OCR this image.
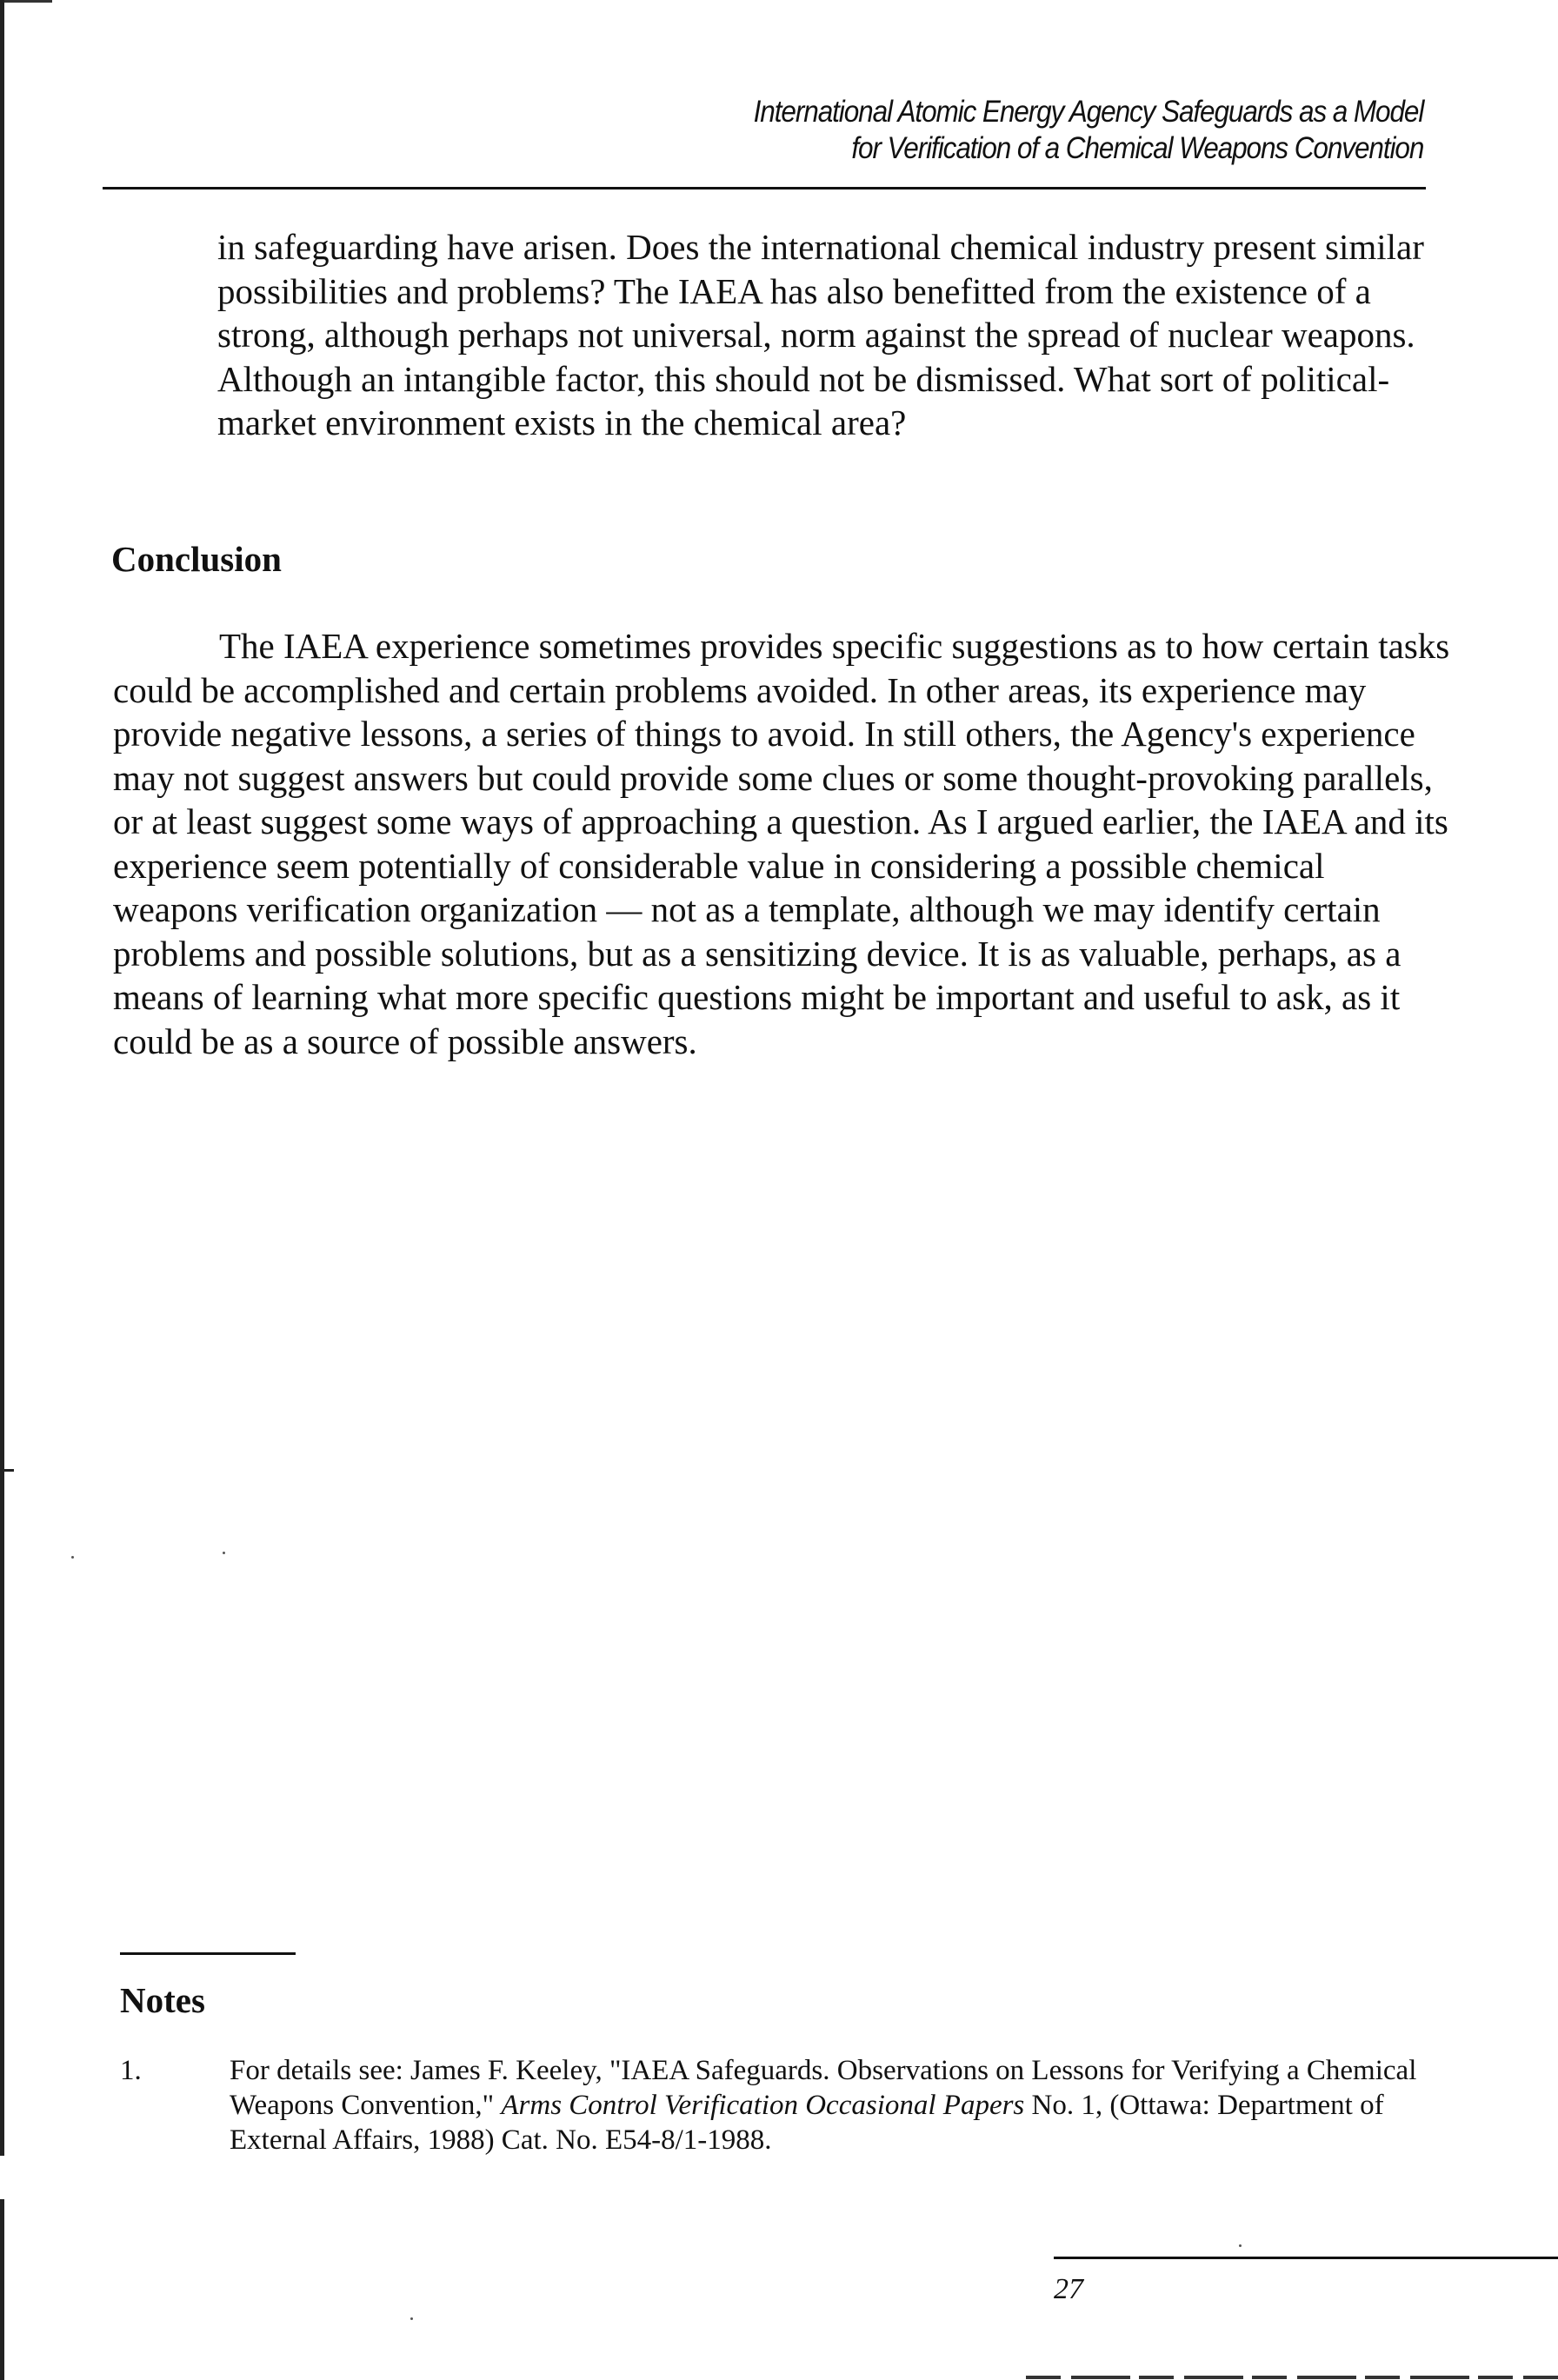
International Atomic Energy Agency Safeguards as a Model
for Verification of a Chemical Weapons Convention

in safeguarding have arisen. Does the international chemical industry present similar possibilities and problems? The IAEA has also benefitted from the existence of a strong, although perhaps not universal, norm against the spread of nuclear weapons. Although an intangible factor, this should not be dismissed. What sort of political-market environment exists in the chemical area?

Conclusion

The IAEA experience sometimes provides specific suggestions as to how certain tasks could be accomplished and certain problems avoided. In other areas, its experience may provide negative lessons, a series of things to avoid. In still others, the Agency's experience may not suggest answers but could provide some clues or some thought-provoking parallels, or at least suggest some ways of approaching a question. As I argued earlier, the IAEA and its experience seem potentially of considerable value in considering a possible chemical weapons verification organization — not as a template, although we may identify certain problems and possible solutions, but as a sensitizing device. It is as valuable, perhaps, as a means of learning what more specific questions might be important and useful to ask, as it could be as a source of possible answers.

Notes
1.	For details see: James F. Keeley, "IAEA Safeguards. Observations on Lessons for Verifying a Chemical Weapons Convention," Arms Control Verification Occasional Papers No. 1, (Ottawa: Department of External Affairs, 1988) Cat. No. E54-8/1-1988.
27
